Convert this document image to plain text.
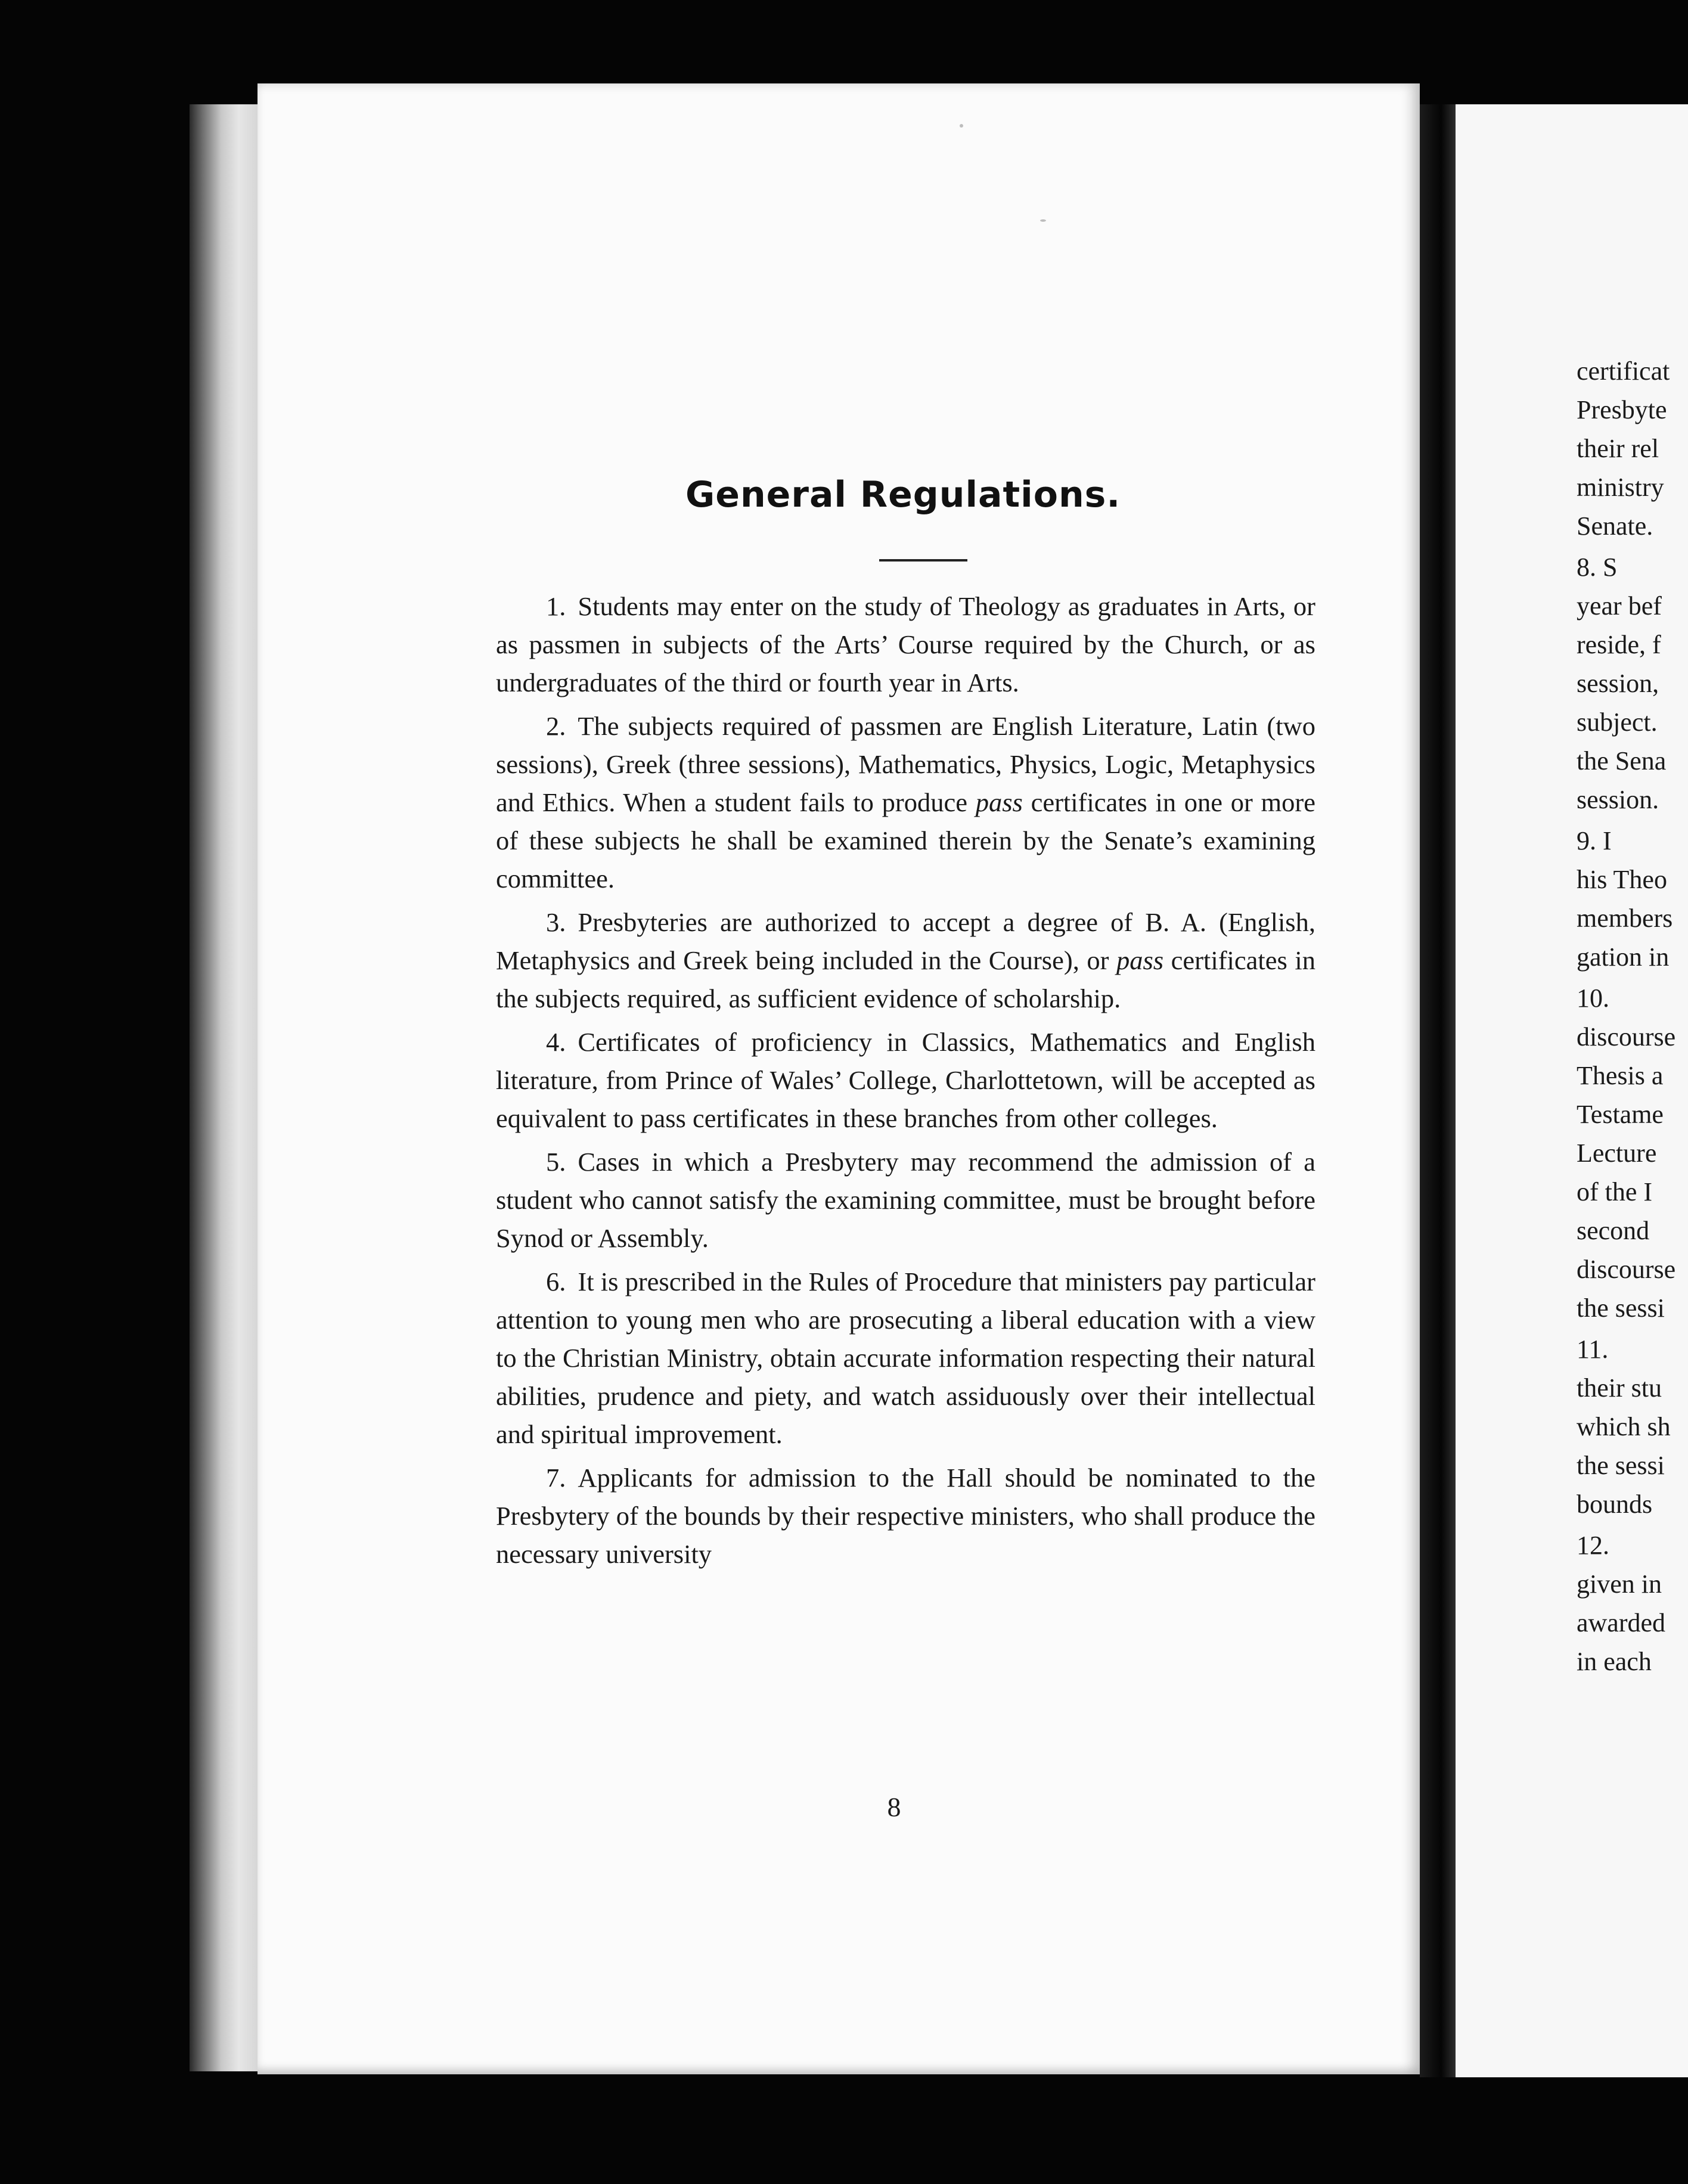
General Regulations.

1. Students may enter on the study of Theology as graduates in Arts, or as passmen in subjects of the Arts’ Course required by the Church, or as undergraduates of the third or fourth year in Arts.

2. The subjects required of passmen are English Literature, Latin (two sessions), Greek (three sessions), Mathematics, Physics, Logic, Metaphysics and Ethics. When a student fails to produce pass certificates in one or more of these subjects he shall be examined therein by the Senate’s examining committee.

3. Presbyteries are authorized to accept a degree of B. A. (English, Metaphysics and Greek being included in the Course), or pass certificates in the subjects required, as sufficient evidence of scholarship.

4. Certificates of proficiency in Classics, Mathematics and English literature, from Prince of Wales’ College, Charlottetown, will be accepted as equivalent to pass certificates in these branches from other colleges.

5. Cases in which a Presbytery may recommend the admission of a student who cannot satisfy the examining committee, must be brought before Synod or Assembly.

6. It is prescribed in the Rules of Procedure that ministers pay particular attention to young men who are prosecuting a liberal education with a view to the Christian Ministry, obtain accurate information respecting their natural abilities, prudence and piety, and watch assiduously over their intellectual and spiritual improvement.

7. Applicants for admission to the Hall should be nominated to the Presbytery of the bounds by their respective ministers, who shall produce the necessary university

8
certificat
Presbyte
their rel
ministry
Senate.
8. S
year bef
reside, f
session,
subject.
the Sena
session.
9. I
his Theo
members
gation in
10.
discourse
Thesis a
Testame
Lecture
of the I
second
discourse
the sessi
11.
their stu
which sh
the sessi
bounds
12.
given in
awarded
in each
